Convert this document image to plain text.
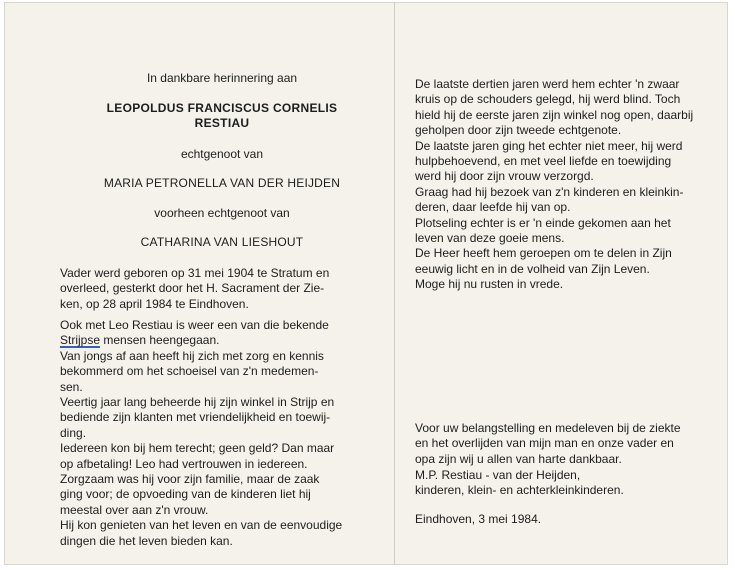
In dankbare herinnering aan

LEOPOLDUS FRANCISCUS CORNELIS

RESTIAU

echtgenoot van

MARIA PETRONELLA VAN DER HEIJDEN

voorheen echtgenoot van

CATHARINA VAN LIESHOUT

Vader werd geboren op 31 mei 1904 te Stratum en

overleed, gesterkt door het H. Sacrament der Zie-

ken, op 28 april 1984 te Eindhoven.

Ook met Leo Restiau is weer een van die bekende

Strijpse mensen heengegaan.

Van jongs af aan heeft hij zich met zorg en kennis

bekommerd om het schoeisel van z'n medemen-

sen.

Veertig jaar lang beheerde hij zijn winkel in Strijp en

bediende zijn klanten met vriendelijkheid en toewij-

ding.

Iedereen kon bij hem terecht; geen geld? Dan maar

op afbetaling! Leo had vertrouwen in iedereen.

Zorgzaam was hij voor zijn familie, maar de zaak

ging voor; de opvoeding van de kinderen liet hij

meestal over aan z'n vrouw.

Hij kon genieten van het leven en van de eenvoudige

dingen die het leven bieden kan.

De laatste dertien jaren werd hem echter 'n zwaar

kruis op de schouders gelegd, hij werd blind. Toch

hield hij de eerste jaren zijn winkel nog open, daarbij

geholpen door zijn tweede echtgenote.

De laatste jaren ging het echter niet meer, hij werd

hulpbehoevend, en met veel liefde en toewijding

werd hij door zijn vrouw verzorgd.

Graag had hij bezoek van z'n kinderen en kleinkin-

deren, daar leefde hij van op.

Plotseling echter is er 'n einde gekomen aan het

leven van deze goeie mens.

De Heer heeft hem geroepen om te delen in Zijn

eeuwig licht en in de volheid van Zijn Leven.

Moge hij nu rusten in vrede.

Voor uw belangstelling en medeleven bij de ziekte

en het overlijden van mijn man en onze vader en

opa zijn wij u allen van harte dankbaar.

M.P. Restiau - van der Heijden,

kinderen, klein- en achterkleinkinderen.

Eindhoven, 3 mei 1984.
